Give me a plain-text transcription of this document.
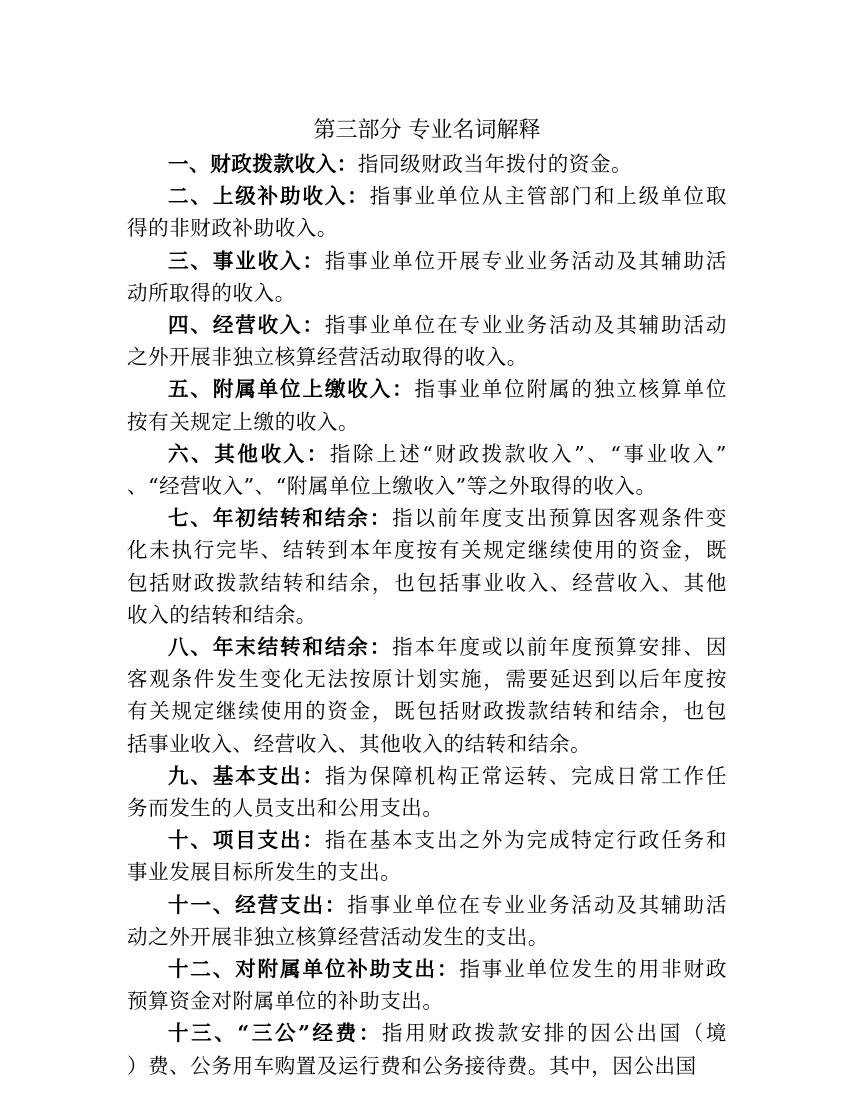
第三部分 专业名词解释
一、财政拨款收入：指同级财政当年拨付的资金。
二、上级补助收入：指事业单位从主管部门和上级单位取
得的非财政补助收入。
三、事业收入：指事业单位开展专业业务活动及其辅助活
动所取得的收入。
四、经营收入：指事业单位在专业业务活动及其辅助活动
之外开展非独立核算经营活动取得的收入。
五、附属单位上缴收入：指事业单位附属的独立核算单位
按有关规定上缴的收入。
六、其他收入：指除上述“财政拨款收入”、“事业收入”
、“经营收入”、“附属单位上缴收入”等之外取得的收入。
七、年初结转和结余：指以前年度支出预算因客观条件变
化未执行完毕、结转到本年度按有关规定继续使用的资金，既
包括财政拨款结转和结余，也包括事业收入、经营收入、其他
收入的结转和结余。
八、年末结转和结余：指本年度或以前年度预算安排、因
客观条件发生变化无法按原计划实施，需要延迟到以后年度按
有关规定继续使用的资金，既包括财政拨款结转和结余，也包
括事业收入、经营收入、其他收入的结转和结余。
九、基本支出：指为保障机构正常运转、完成日常工作任
务而发生的人员支出和公用支出。
十、项目支出：指在基本支出之外为完成特定行政任务和
事业发展目标所发生的支出。
十一、经营支出：指事业单位在专业业务活动及其辅助活
动之外开展非独立核算经营活动发生的支出。
十二、对附属单位补助支出：指事业单位发生的用非财政
预算资金对附属单位的补助支出。
十三、“三公”经费：指用财政拨款安排的因公出国（境
）费、公务用车购置及运行费和公务接待费。其中，因公出国
